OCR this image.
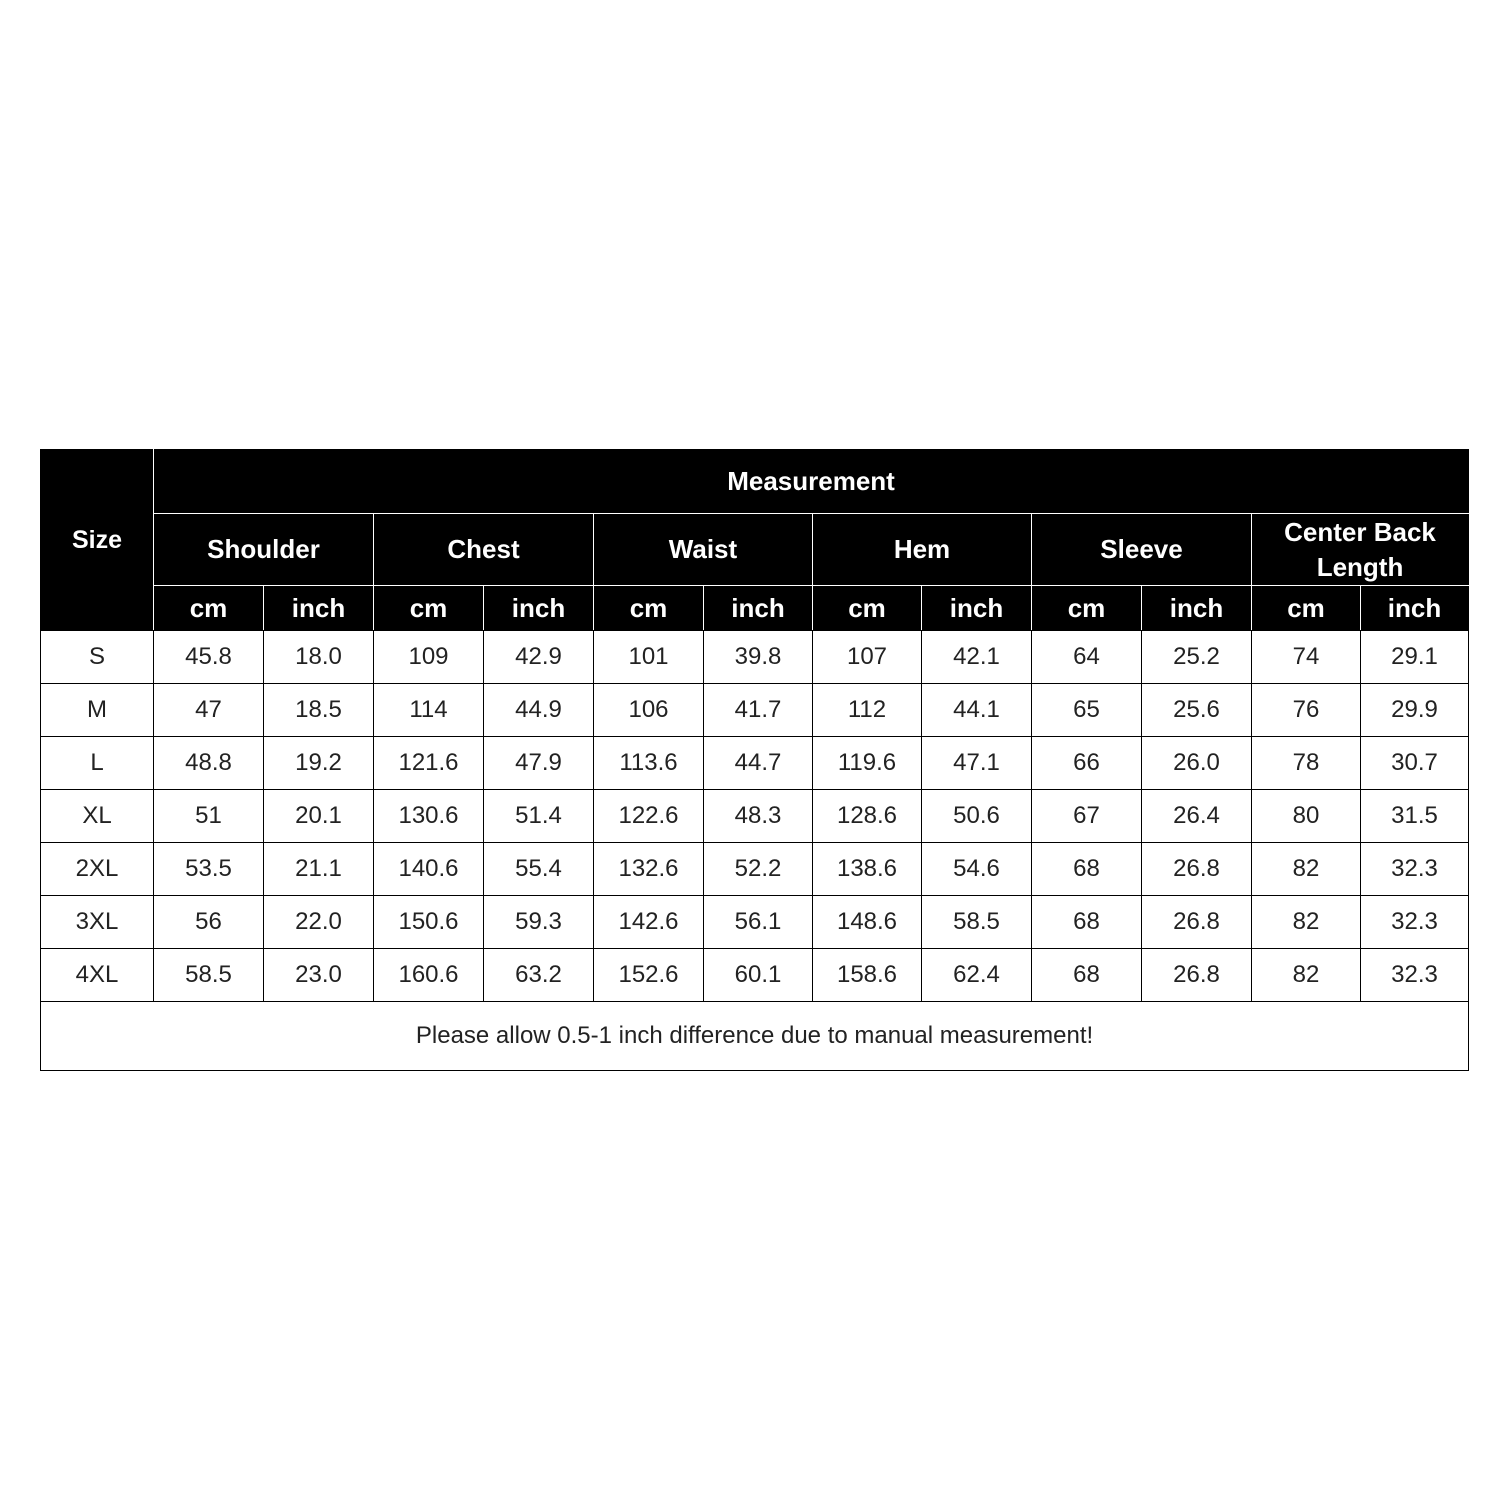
Size	Measurement											
	Shoulder		Chest		Waist		Hem		Sleeve		Center Back Length	
	cm	inch	cm	inch	cm	inch	cm	inch	cm	inch	cm	inch
S	45.8	18.0	109	42.9	101	39.8	107	42.1	64	25.2	74	29.1
M	47	18.5	114	44.9	106	41.7	112	44.1	65	25.6	76	29.9
L	48.8	19.2	121.6	47.9	113.6	44.7	119.6	47.1	66	26.0	78	30.7
XL	51	20.1	130.6	51.4	122.6	48.3	128.6	50.6	67	26.4	80	31.5
2XL	53.5	21.1	140.6	55.4	132.6	52.2	138.6	54.6	68	26.8	82	32.3
3XL	56	22.0	150.6	59.3	142.6	56.1	148.6	58.5	68	26.8	82	32.3
4XL	58.5	23.0	160.6	63.2	152.6	60.1	158.6	62.4	68	26.8	82	32.3
Please allow 0.5-1 inch difference due to manual measurement!												
